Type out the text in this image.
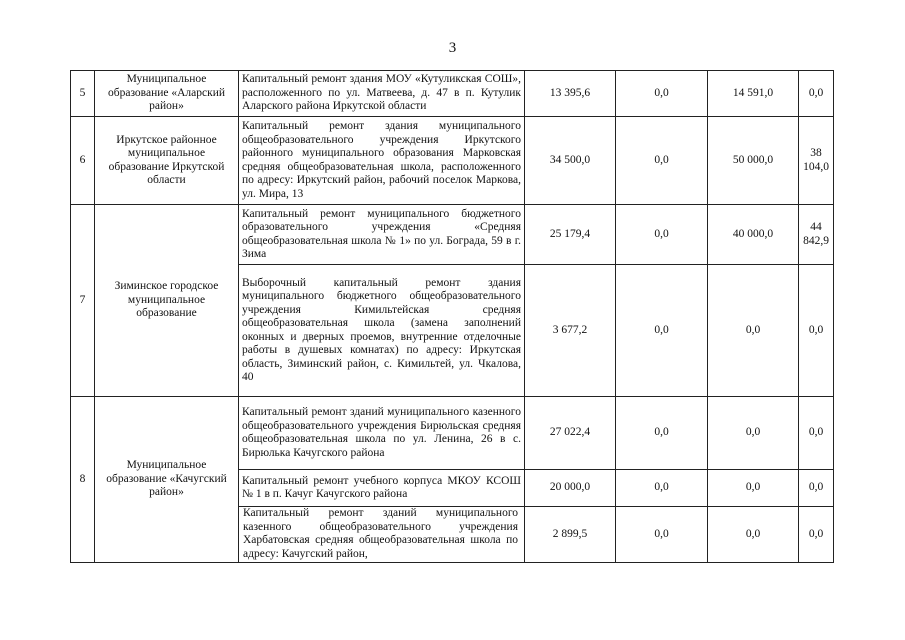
3
5	Муниципальное образование «Аларский район»	Капитальный ремонт здания МОУ «Кутуликская СОШ», расположенного по ул. Матвеева, д. 47 в п. Кутулик Аларского района Иркутской области	13 395,6	0,0	14 591,0	0,0
6	Иркутское районное муниципальное образование Иркутской области	Капитальный ремонт здания муниципального общеобразовательного учреждения Иркутского районного муниципального образования Марковская средняя общеобразовательная школа, расположенного по адресу: Иркутский район, рабочий поселок Маркова, ул. Мира, 13	34 500,0	0,0	50 000,0	38 104,0
7	Зиминское городское муниципальное образование	Капитальный ремонт муниципального бюджетного образовательного учреждения «Средняя общеобразовательная школа № 1» по ул. Бограда, 59 в г. Зима	25 179,4	0,0	40 000,0	44 842,9
		Выборочный капитальный ремонт здания муниципального бюджетного общеобразовательного учреждения Кимильтейская средняя общеобразовательная школа (замена заполнений оконных и дверных проемов, внутренние отделочные работы в душевых комнатах) по адресу: Иркутская область, Зиминский район, с. Кимильтей, ул. Чкалова, 40	3 677,2	0,0	0,0	0,0
8	Муниципальное образование «Качугский район»	Капитальный ремонт зданий муниципального казенного общеобразовательного учреждения Бирюльская средняя общеобразовательная школа по ул. Ленина, 26 в с. Бирюлька Качугского района	27 022,4	0,0	0,0	0,0
		Капитальный ремонт учебного корпуса МКОУ КСОШ № 1 в п. Качуг Качугского района	20 000,0	0,0	0,0	0,0

		Капитальный ремонт зданий муниципального казенного общеобразовательного учреждения Харбатовская средняя общеобразовательная школа по адресу: Качугский район,	2 899,5	0,0	0,0	0,0
